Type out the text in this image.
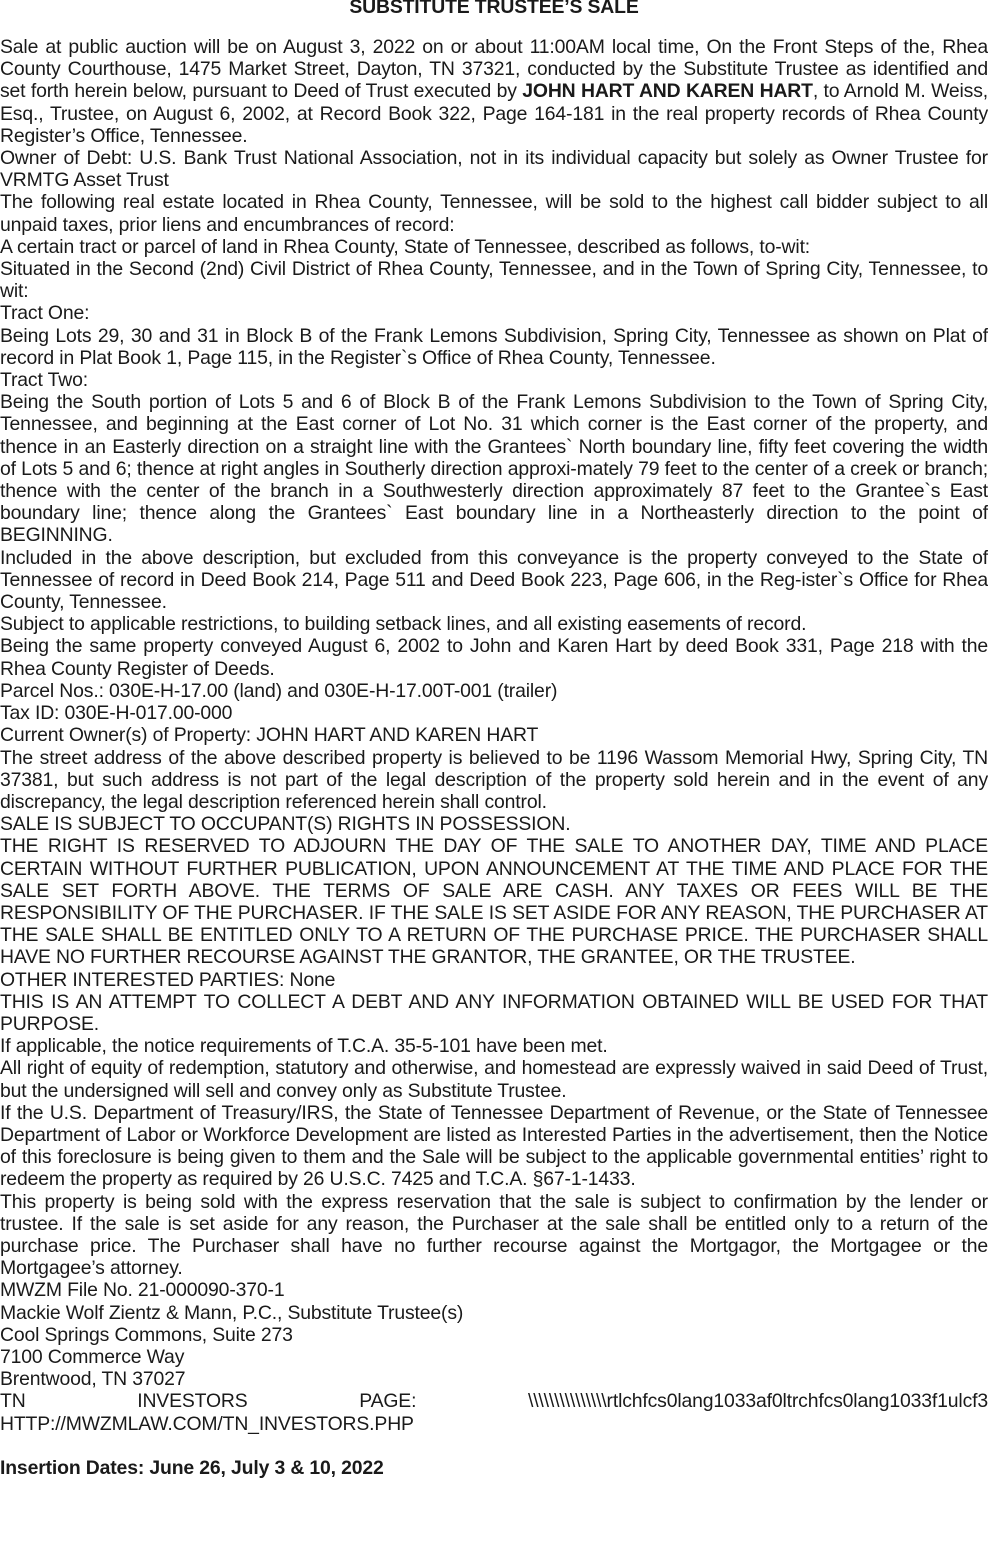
SUBSTITUTE TRUSTEE’S SALE

Sale at public auction will be on August 3, 2022 on or about 11:00AM local time, On the Front Steps of the, Rhea County Courthouse, 1475 Market Street, Dayton, TN 37321, conducted by the Substitute Trustee as identified and set forth herein below, pursuant to Deed of Trust executed by JOHN HART AND KAREN HART, to Arnold M. Weiss, Esq., Trustee, on August 6, 2002, at Record Book 322, Page 164-181 in the real property records of Rhea County Register’s Office, Tennessee.

Owner of Debt: U.S. Bank Trust National Association, not in its individual capacity but solely as Owner Trustee for VRMTG Asset Trust

The following real estate located in Rhea County, Tennessee, will be sold to the highest call bidder subject to all unpaid taxes, prior liens and encumbrances of record:

A certain tract or parcel of land in Rhea County, State of Tennessee, described as follows, to-wit:

Situated in the Second (2nd) Civil District of Rhea County, Tennessee, and in the Town of Spring City, Tennessee, to wit:

Tract One:

Being Lots 29, 30 and 31 in Block B of the Frank Lemons Subdivision, Spring City, Tennessee as shown on Plat of record in Plat Book 1, Page 115, in the Register`s Office of Rhea County, Tennessee.

Tract Two:

Being the South portion of Lots 5 and 6 of Block B of the Frank Lemons Subdivision to the Town of Spring City, Tennessee, and beginning at the East corner of Lot No. 31 which corner is the East corner of the property, and thence in an Easterly direction on a straight line with the Grantees` North boundary line, fifty feet covering the width of Lots 5 and 6; thence at right angles in Southerly direction approxi-mately 79 feet to the center of a creek or branch; thence with the center of the branch in a Southwesterly direction approximately 87 feet to the Grantee`s East boundary line; thence along the Grantees` East boundary line in a Northeasterly direction to the point of BEGINNING.

Included in the above description, but excluded from this conveyance is the property conveyed to the State of Tennessee of record in Deed Book 214, Page 511 and Deed Book 223, Page 606, in the Reg-ister`s Office for Rhea County, Tennessee.

Subject to applicable restrictions, to building setback lines, and all existing easements of record.

Being the same property conveyed August 6, 2002 to John and Karen Hart by deed Book 331, Page 218 with the Rhea County Register of Deeds.

Parcel Nos.: 030E-H-17.00 (land) and 030E-H-17.00T-001 (trailer)

Tax ID: 030E-H-017.00-000

Current Owner(s) of Property: JOHN HART AND KAREN HART

The street address of the above described property is believed to be 1196 Wassom Memorial Hwy, Spring City, TN 37381, but such address is not part of the legal description of the property sold herein and in the event of any discrepancy, the legal description referenced herein shall control.

SALE IS SUBJECT TO OCCUPANT(S) RIGHTS IN POSSESSION.

THE RIGHT IS RESERVED TO ADJOURN THE DAY OF THE SALE TO ANOTHER DAY, TIME AND PLACE CERTAIN WITHOUT FURTHER PUBLICATION, UPON ANNOUNCEMENT AT THE TIME AND PLACE FOR THE SALE SET FORTH ABOVE. THE TERMS OF SALE ARE CASH. ANY TAXES OR FEES WILL BE THE RESPONSIBILITY OF THE PURCHASER. IF THE SALE IS SET ASIDE FOR ANY REASON, THE PURCHASER AT THE SALE SHALL BE ENTITLED ONLY TO A RETURN OF THE PURCHASE PRICE. THE PURCHASER SHALL HAVE NO FURTHER RECOURSE AGAINST THE GRANTOR, THE GRANTEE, OR THE TRUSTEE.

OTHER INTERESTED PARTIES: None

THIS IS AN ATTEMPT TO COLLECT A DEBT AND ANY INFORMATION OBTAINED WILL BE USED FOR THAT PURPOSE.

If applicable, the notice requirements of T.C.A. 35-5-101 have been met.

All right of equity of redemption, statutory and otherwise, and homestead are expressly waived in said Deed of Trust, but the undersigned will sell and convey only as Substitute Trustee.

If the U.S. Department of Treasury/IRS, the State of Tennessee Department of Revenue, or the State of Tennessee Department of Labor or Workforce Development are listed as Interested Parties in the advertisement, then the Notice of this foreclosure is being given to them and the Sale will be subject to the applicable governmental entities’ right to redeem the property as required by 26 U.S.C. 7425 and T.C.A. §67-1-1433.

This property is being sold with the express reservation that the sale is subject to confirmation by the lender or trustee. If the sale is set aside for any reason, the Purchaser at the sale shall be entitled only to a return of the purchase price. The Purchaser shall have no further recourse against the Mortgagor, the Mortgagee or the Mortgagee’s attorney.

MWZM File No. 21-000090-370-1

Mackie Wolf Zientz & Mann, P.C., Substitute Trustee(s)

Cool Springs Commons, Suite 273

7100 Commerce Way

Brentwood, TN 37027

TN INVESTORS PAGE: \\\\\\\\\\\\\\\rtlchfcs0lang1033af0ltrchfcs0lang1033f1ulcf3

HTTP://MWZMLAW.COM/TN_INVESTORS.PHP

Insertion Dates: June 26, July 3 & 10, 2022
